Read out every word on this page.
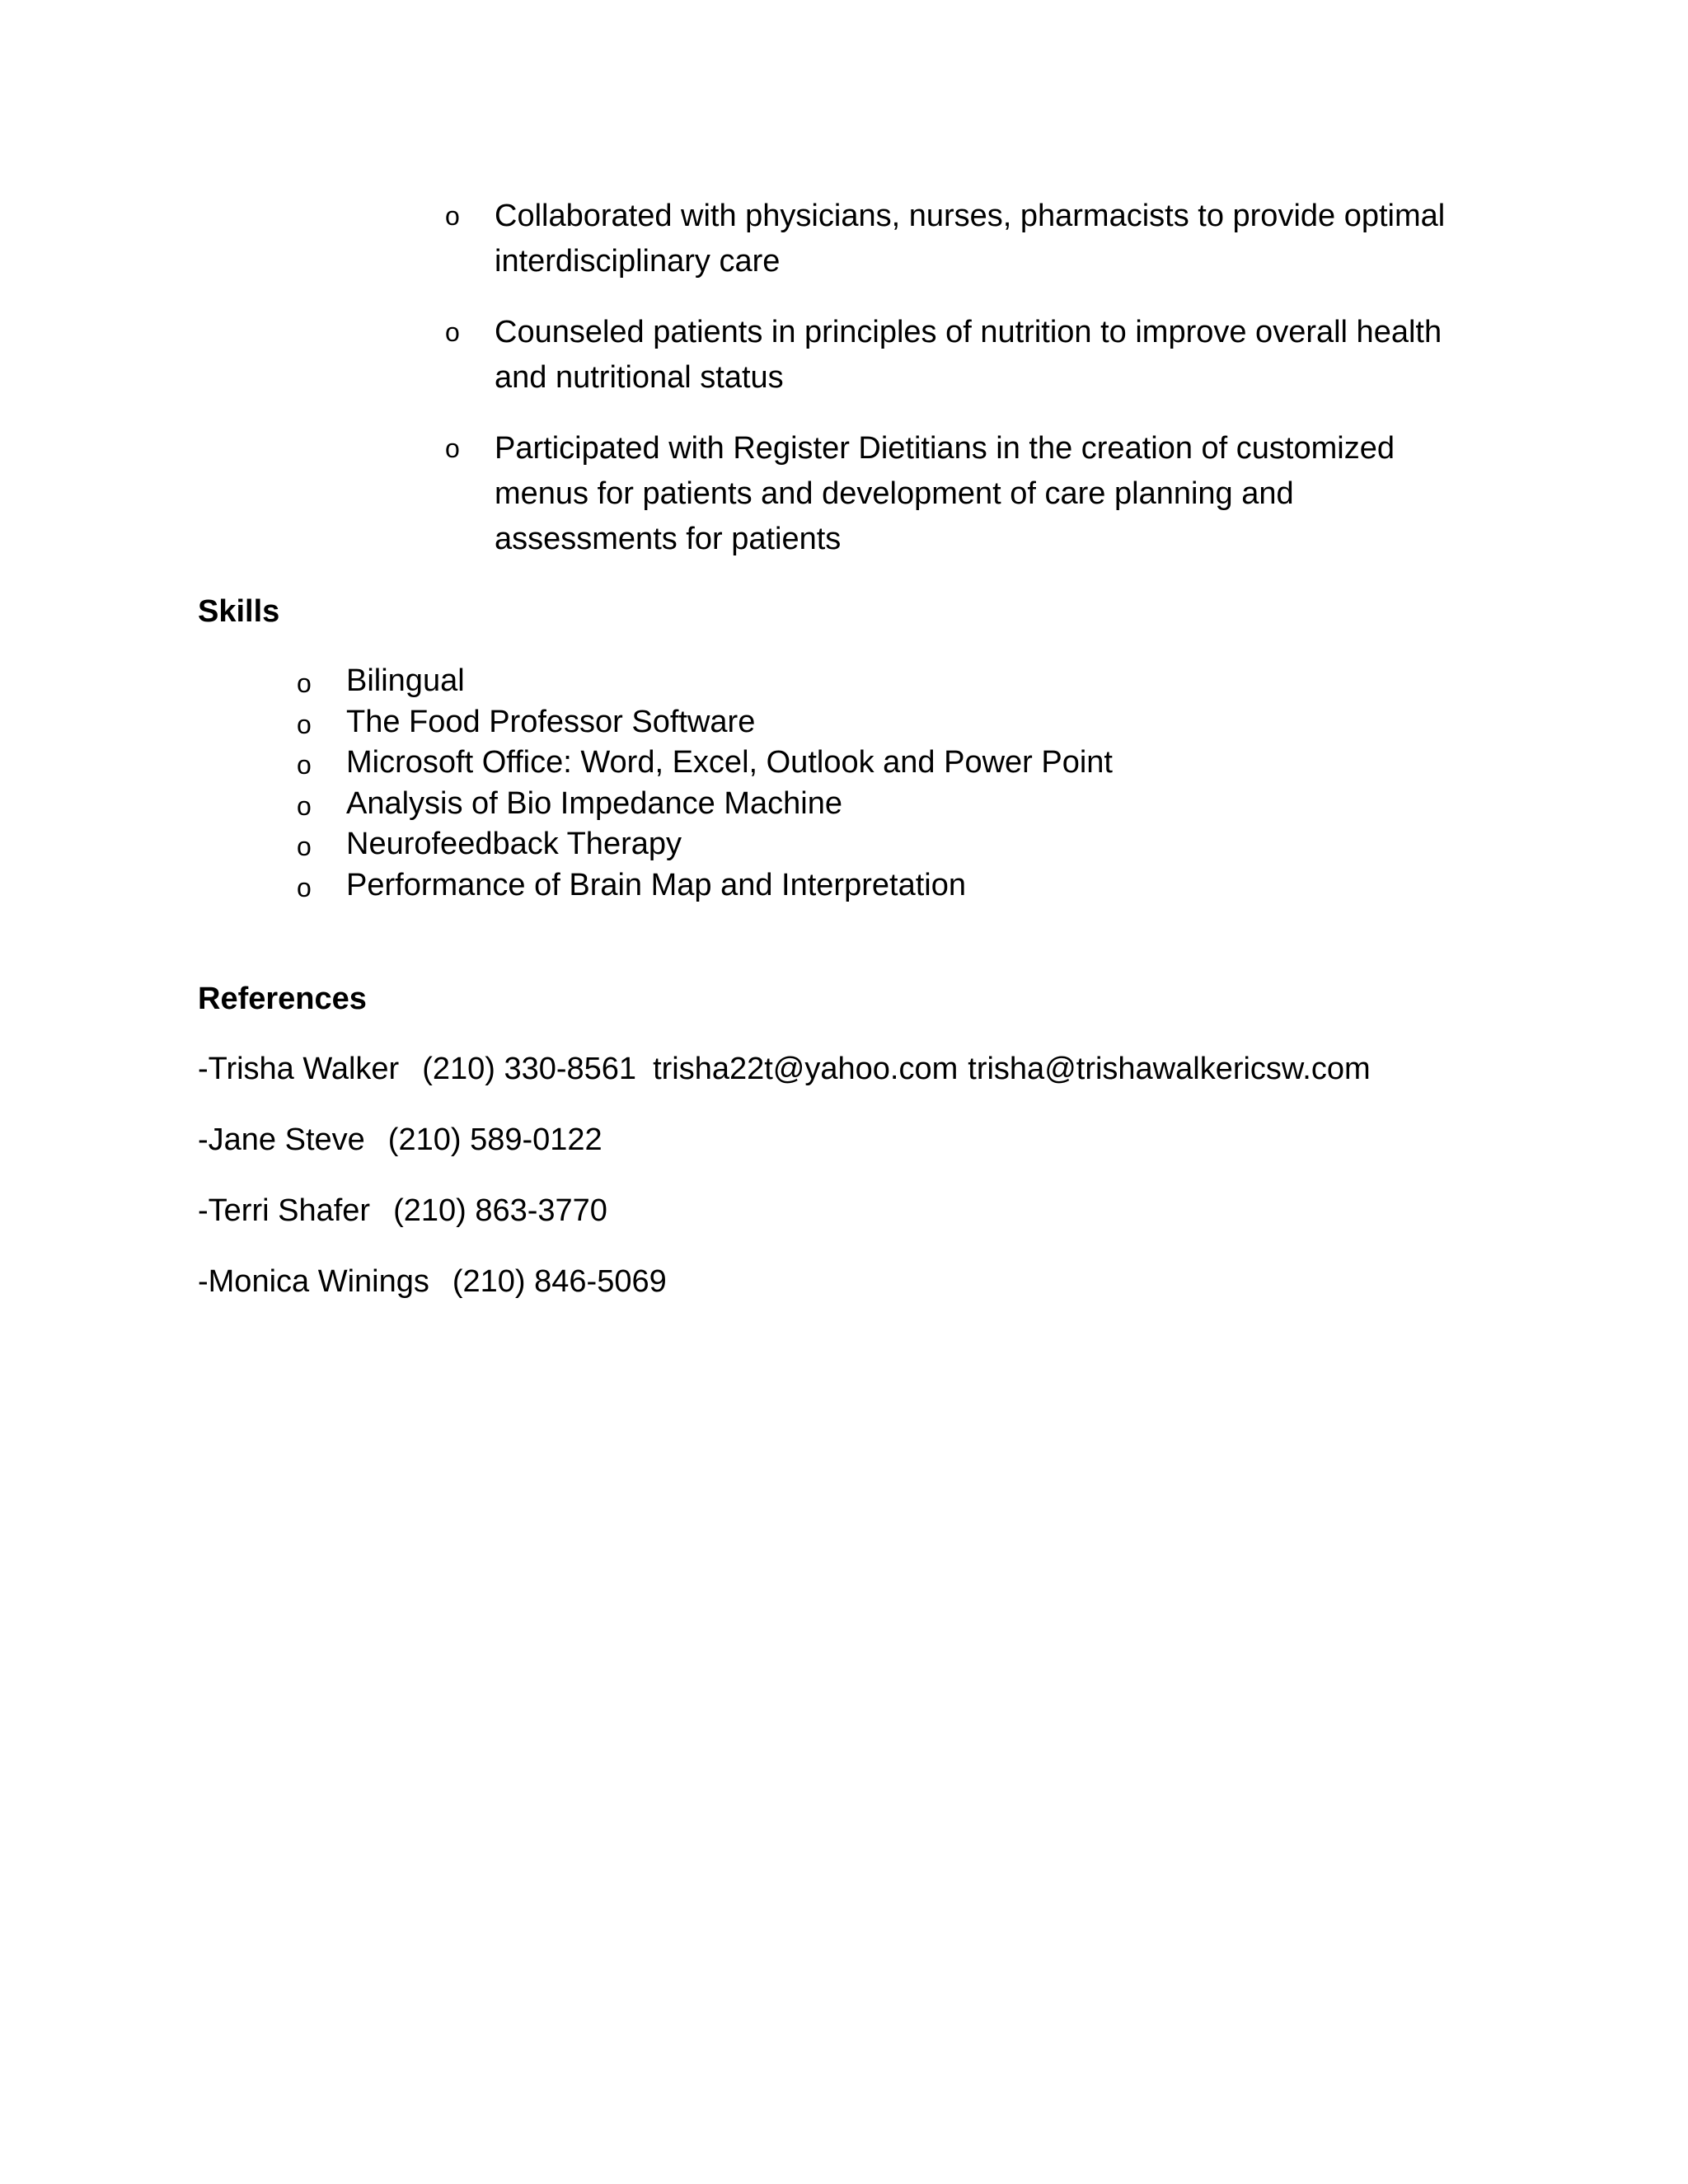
o Collaborated with physicians, nurses, pharmacists to provide optimal interdisciplinary care
o Counseled patients in principles of nutrition to improve overall health and nutritional status
o Participated with Register Dietitians in the creation of customized menus for patients and development of care planning and assessments for patients
Skills
o Bilingual
o The Food Professor Software
o Microsoft Office: Word, Excel, Outlook and Power Point
o Analysis of Bio Impedance Machine
o Neurofeedback Therapy
o Performance of Brain Map and Interpretation
References
-Trisha Walker (210) 330-8561 trisha22t@yahoo.com trisha@trishawalkericsw.com
-Jane Steve (210) 589-0122
-Terri Shafer (210) 863-3770
-Monica Winings (210) 846-5069
